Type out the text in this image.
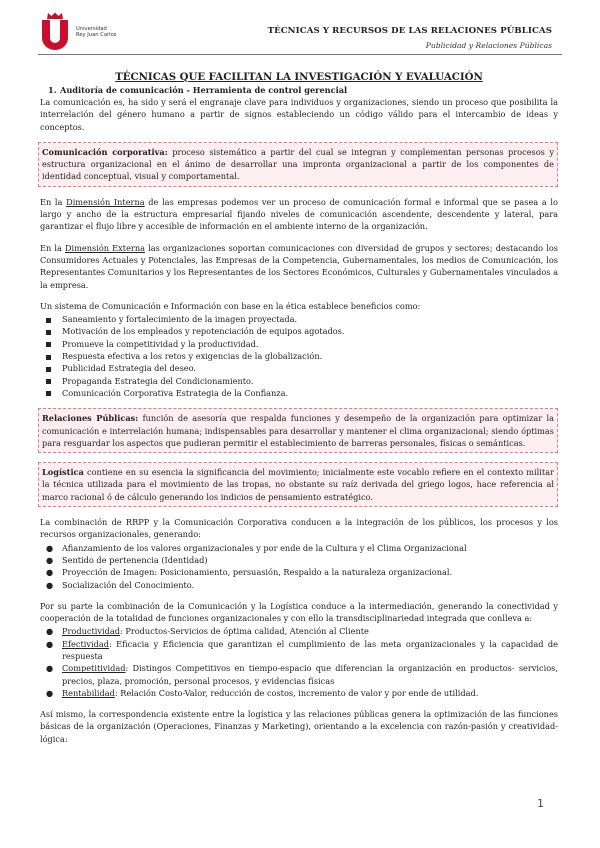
Universidad
Rey Juan Carlos	TÉCNICAS Y RECURSOS DE LAS RELACIONES PÚBLICAS
Publicidad y Relaciones Públicas
TÉCNICAS QUE FACILITAN LA INVESTIGACIÓN Y EVALUACIÓN
1. Auditoría de comunicación - Herramienta de control gerencial

La comunicación es, ha sido y será el engranaje clave para individuos y organizaciones, siendo un proceso que posibilita la interrelación del género humano a partir de signos estableciendo un código válido para el intercambio de ideas y conceptos.

Comunicación corporativa: proceso sistemático a partir del cual se integran y complementan personas procesos y estructura organizacional en el ánimo de desarrollar una impronta organizacional a partir de los componentes de identidad conceptual, visual y comportamental.

En la Dimensión Interna de las empresas podemos ver un proceso de comunicación formal e informal que se pasea a lo largo y ancho de la estructura empresarial fijando niveles de comunicación ascendente, descendente y lateral, para garantizar el flujo libre y accesible de información en el ambiente interno de la organización.

En la Dimensión Externa las organizaciones soportan comunicaciones con diversidad de grupos y sectores; destacando los Consumidores Actuales y Potenciales, las Empresas de la Competencia, Gubernamentales, los medios de Comunicación, los Representantes Comunitarios y los Representantes de los Sectores Económicos, Culturales y Gubernamentales vinculados a la empresa.

Un sistema de Comunicación e Información con base en la ética establece beneficios como:

Saneamiento y fortalecimiento de la imagen proyectada.
Motivación de los empleados y repotenciación de equipos agotados.
Promueve la competitividad y la productividad.
Respuesta efectiva a los retos y exigencias de la globalización.
Publicidad Estrategia del deseo.
Propaganda Estrategia del Condicionamiento.
Comunicación Corporativa Estrategia de la Confianza.
Relaciones Públicas: función de asesoría que respalda funciones y desempeño de la organización para optimizar la comunicación e interrelación humana; indispensables para desarrollar y mantener el clima organizacional; siendo óptimas para resguardar los aspectos que pudieran permitir el establecimiento de barreras personales, físicas o semánticas.
Logística contiene en su esencia la significancia del movimiento; inicialmente este vocablo refiere en el contexto militar la técnica utilizada para el movimiento de las tropas, no obstante su raíz derivada del griego logos, hace referencia al marco racional ó de cálculo generando los indicios de pensamiento estratégico.

La combinación de RRPP y la Comunicación Corporativa conducen a la integración de los públicos, los procesos y los recursos organizacionales, generando:

● Afianzamiento de los valores organizacionales y por ende de la Cultura y el Clima Organizacional
● Sentido de pertenencia (Identidad)
● Proyección de Imagen: Posicionamiento, persuasión, Respaldo a la naturaleza organizacional.
● Socialización del Conocimiento.

Por su parte la combinación de la Comunicación y la Logística conduce a la intermediación, generando la conectividad y cooperación de la totalidad de funciones organizacionales y con ello la transdisciplinariedad integrada que conlleva a:

● Productividad: Productos-Servicios de óptima calidad, Atención al Cliente
● Efectividad: Eficacia y Eficiencia que garantizan el cumplimiento de las meta organizacionales y la capacidad de respuesta
● Competitividad: Distingos Competitivos en tiempo-espacio que diferencian la organización en productos- servicios, precios, plaza, promoción, personal procesos, y evidencias físicas
● Rentabilidad: Relación Costo-Valor, reducción de costos, incremento de valor y por ende de utilidad.

Así mismo, la correspondencia existente entre la logística y las relaciones públicas genera la optimización de las funciones básicas de la organización (Operaciones, Finanzas y Marketing), orientando a la excelencia con razón-pasión y creatividad-lógica:

1
